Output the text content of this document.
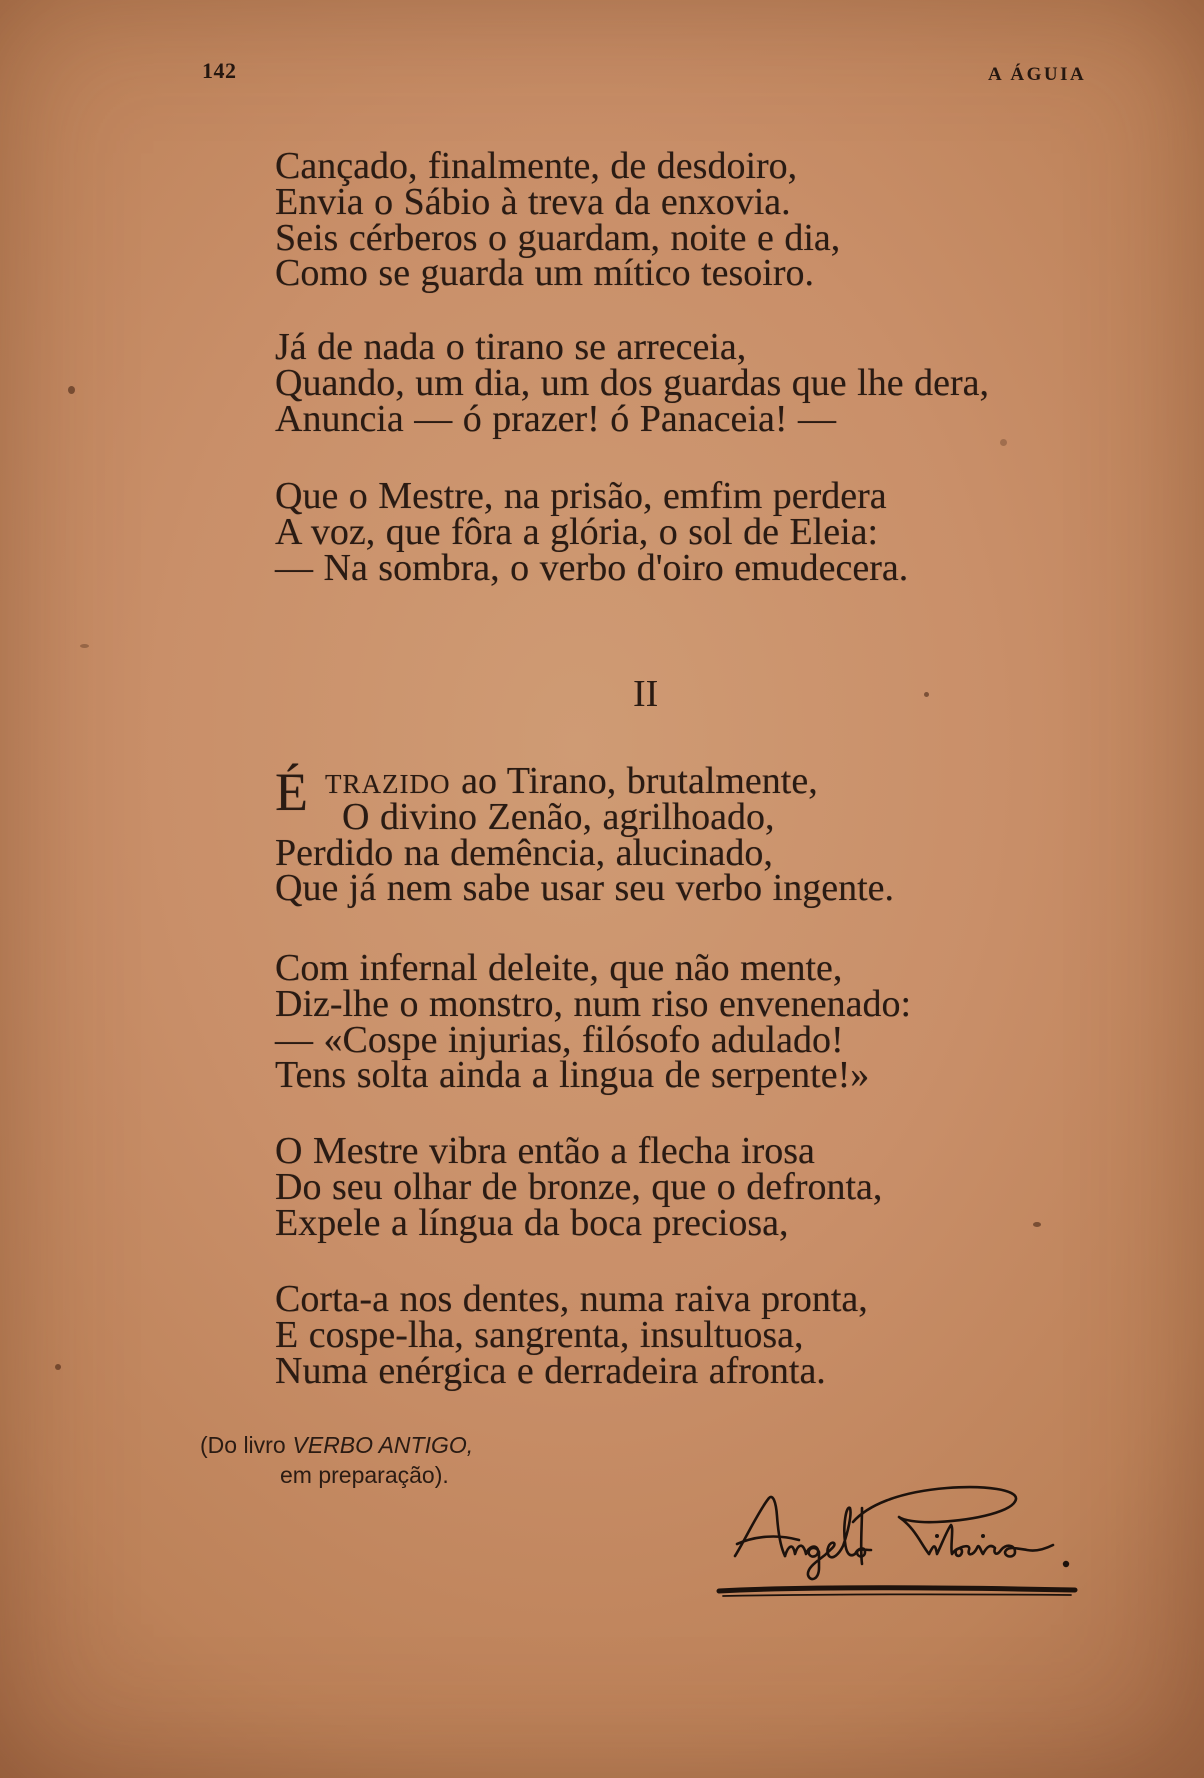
142	A ÁGUIA
Cançado, finalmente, de desdoiro,
Envia o Sábio à treva da enxovia.
Seis cérberos o guardam, noite e dia,
Como se guarda um mítico tesoiro.
Já de nada o tirano se arreceia,
Quando, um dia, um dos guardas que lhe dera,
Anuncia — ó prazer! ó Panaceia! —
Que o Mestre, na prisão, emfim perdera
A voz, que fôra a glória, o sol de Eleia:
— Na sombra, o verbo d'oiro emudecera.
II
É TRAZIDO ao Tirano, brutalmente,
O divino Zenão, agrilhoado,
Perdido na demência, alucinado,
Que já nem sabe usar seu verbo ingente.
Com infernal deleite, que não mente,
Diz-lhe o monstro, num riso envenenado:
— «Cospe injurias, filósofo adulado!
Tens solta ainda a lingua de serpente!»
O Mestre vibra então a flecha irosa
Do seu olhar de bronze, que o defronta,
Expele a língua da boca preciosa,
Corta-a nos dentes, numa raiva pronta,
E cospe-lha, sangrenta, insultuosa,
Numa enérgica e derradeira afronta.
(Do livro VERBO ANTIGO,
em preparação).
